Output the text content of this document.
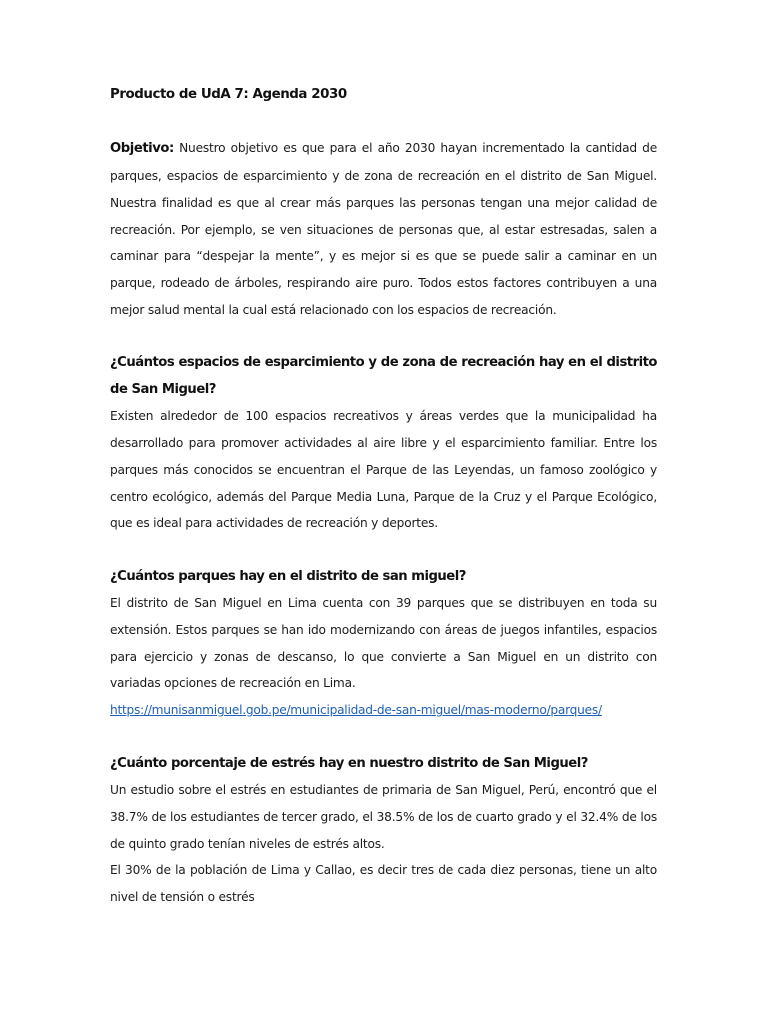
Producto de UdA 7: Agenda 2030

Objetivo: Nuestro objetivo es que para el año 2030 hayan incrementado la cantidad de parques, espacios de esparcimiento y de zona de recreación en el distrito de San Miguel. Nuestra finalidad es que al crear más parques las personas tengan una mejor calidad de recreación. Por ejemplo, se ven situaciones de personas que, al estar estresadas, salen a caminar para “despejar la mente”, y es mejor si es que se puede salir a caminar en un parque, rodeado de árboles, respirando aire puro. Todos estos factores contribuyen a una mejor salud mental la cual está relacionado con los espacios de recreación.

¿Cuántos espacios de esparcimiento y de zona de recreación hay en el distrito de San Miguel?

Existen alrededor de 100 espacios recreativos y áreas verdes que la municipalidad ha desarrollado para promover actividades al aire libre y el esparcimiento familiar. Entre los parques más conocidos se encuentran el Parque de las Leyendas, un famoso zoológico y centro ecológico, además del Parque Media Luna, Parque de la Cruz y el Parque Ecológico, que es ideal para actividades de recreación y deportes.

¿Cuántos parques hay en el distrito de san miguel?

El distrito de San Miguel en Lima cuenta con 39 parques que se distribuyen en toda su extensión. Estos parques se han ido modernizando con áreas de juegos infantiles, espacios para ejercicio y zonas de descanso, lo que convierte a San Miguel en un distrito con variadas opciones de recreación en Lima.

https://munisanmiguel.gob.pe/municipalidad-de-san-miguel/mas-moderno/parques/

¿Cuánto porcentaje de estrés hay en nuestro distrito de San Miguel?

Un estudio sobre el estrés en estudiantes de primaria de San Miguel, Perú, encontró que el 38.7% de los estudiantes de tercer grado, el 38.5% de los de cuarto grado y el 32.4% de los de quinto grado tenían niveles de estrés altos.

El 30% de la población de Lima y Callao, es decir tres de cada diez personas, tiene un alto nivel de tensión o estrés
